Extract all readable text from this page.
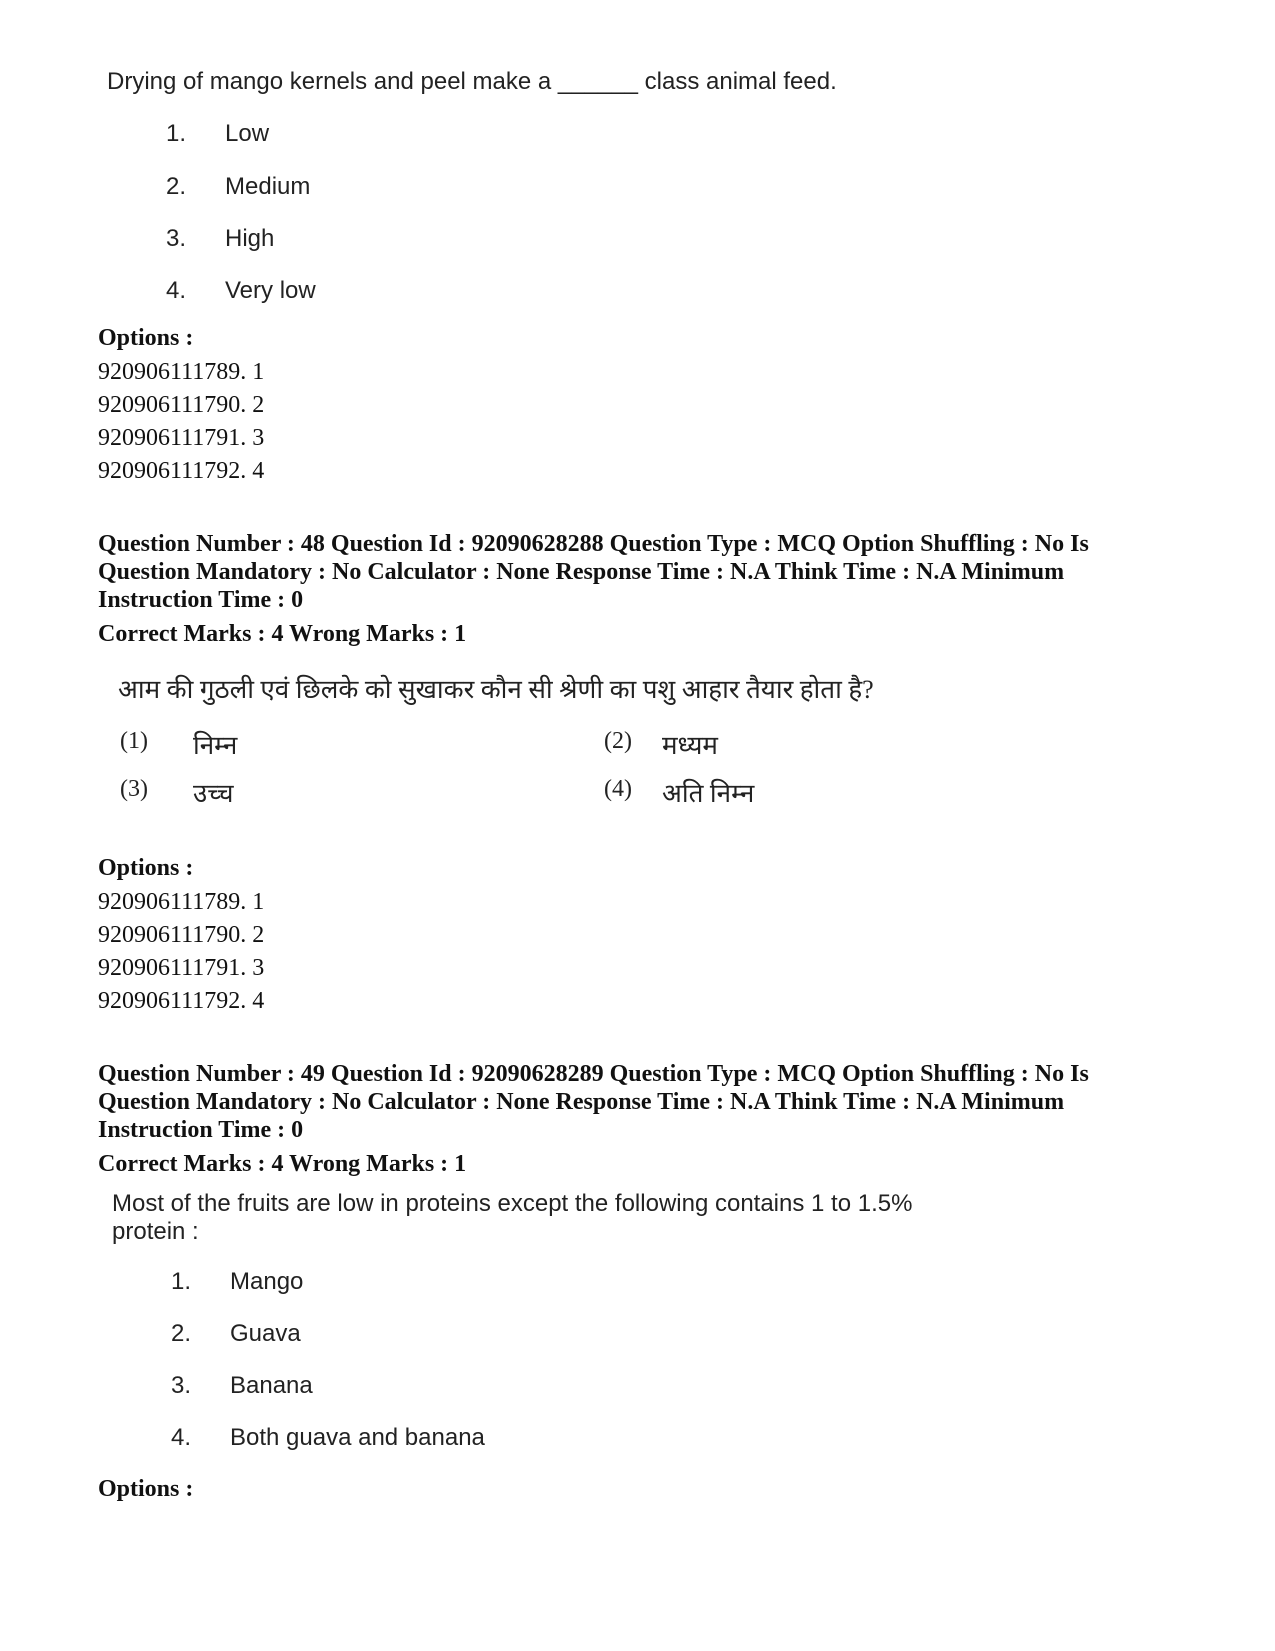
Drying of mango kernels and peel make a ______ class animal feed.
1. Low
2. Medium
3. High
4. Very low
Options :
920906111789. 1
920906111790. 2
920906111791. 3
920906111792. 4
Question Number : 48 Question Id : 92090628288 Question Type : MCQ Option Shuffling : No Is
Question Mandatory : No Calculator : None Response Time : N.A Think Time : N.A Minimum
Instruction Time : 0
Correct Marks : 4 Wrong Marks : 1
आम की गुठली एवं छिलके को सुखाकर कौन सी श्रेणी का पशु आहार तैयार होता है?
(1) निम्न	(2) मध्यम
(3) उच्च	(4) अति निम्न
Options :
920906111789. 1
920906111790. 2
920906111791. 3
920906111792. 4
Question Number : 49 Question Id : 92090628289 Question Type : MCQ Option Shuffling : No Is
Question Mandatory : No Calculator : None Response Time : N.A Think Time : N.A Minimum
Instruction Time : 0
Correct Marks : 4 Wrong Marks : 1
Most of the fruits are low in proteins except the following contains 1 to 1.5%
protein :
1. Mango
2. Guava
3. Banana
4. Both guava and banana
Options :
